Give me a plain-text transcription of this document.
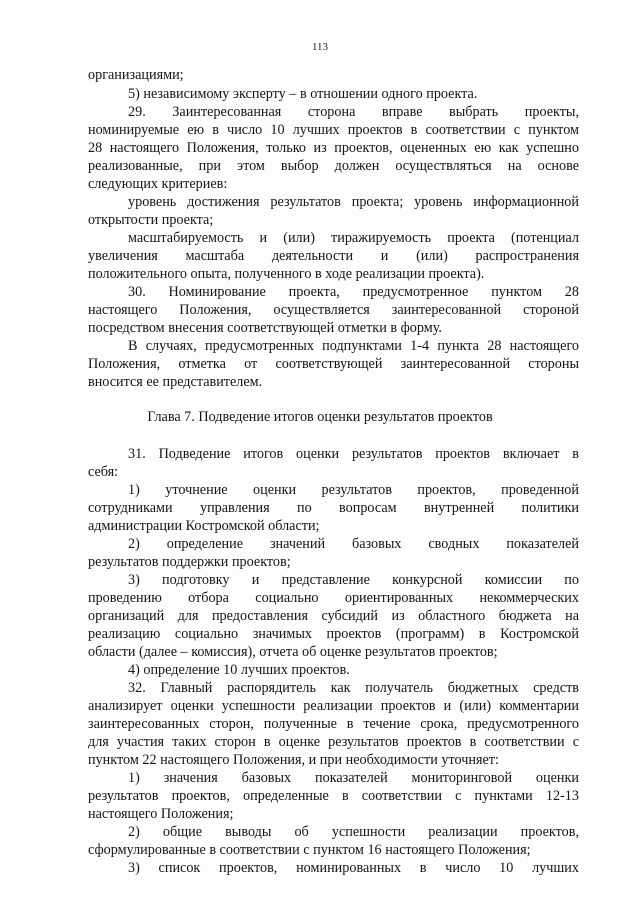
113

организациями;

5) независимому эксперту – в отношении одного проекта.

29. Заинтересованная сторона вправе выбрать проекты,

номинируемые ею в число 10 лучших проектов в соответствии с пунктом

28 настоящего Положения, только из проектов, оцененных ею как успешно

реализованные, при этом выбор должен осуществляться на основе

следующих критериев:

уровень достижения результатов проекта; уровень информационной

открытости проекта;

масштабируемость и (или) тиражируемость проекта (потенциал

увеличения масштаба деятельности и (или) распространения

положительного опыта, полученного в ходе реализации проекта).

30. Номинирование проекта, предусмотренное пунктом 28

настоящего Положения, осуществляется заинтересованной стороной

посредством внесения соответствующей отметки в форму.

В случаях, предусмотренных подпунктами 1-4 пункта 28 настоящего

Положения, отметка от соответствующей заинтересованной стороны

вносится ее представителем.

Глава 7. Подведение итогов оценки результатов проектов

31. Подведение итогов оценки результатов проектов включает в

себя:

1) уточнение оценки результатов проектов, проведенной

сотрудниками управления по вопросам внутренней политики

администрации Костромской области;

2) определение значений базовых сводных показателей

результатов поддержки проектов;

3) подготовку и представление конкурсной комиссии по

проведению отбора социально ориентированных некоммерческих

организаций для предоставления субсидий из областного бюджета на

реализацию социально значимых проектов (программ) в Костромской

области (далее – комиссия), отчета об оценке результатов проектов;

4) определение 10 лучших проектов.

32. Главный распорядитель как получатель бюджетных средств

анализирует оценки успешности реализации проектов и (или) комментарии

заинтересованных сторон, полученные в течение срока, предусмотренного

для участия таких сторон в оценке результатов проектов в соответствии с

пунктом 22 настоящего Положения, и при необходимости уточняет:

1) значения базовых показателей мониторинговой оценки

результатов проектов, определенные в соответствии с пунктами 12-13

настоящего Положения;

2) общие выводы об успешности реализации проектов,

сформулированные в соответствии с пунктом 16 настоящего Положения;

3) список проектов, номинированных в число 10 лучших
